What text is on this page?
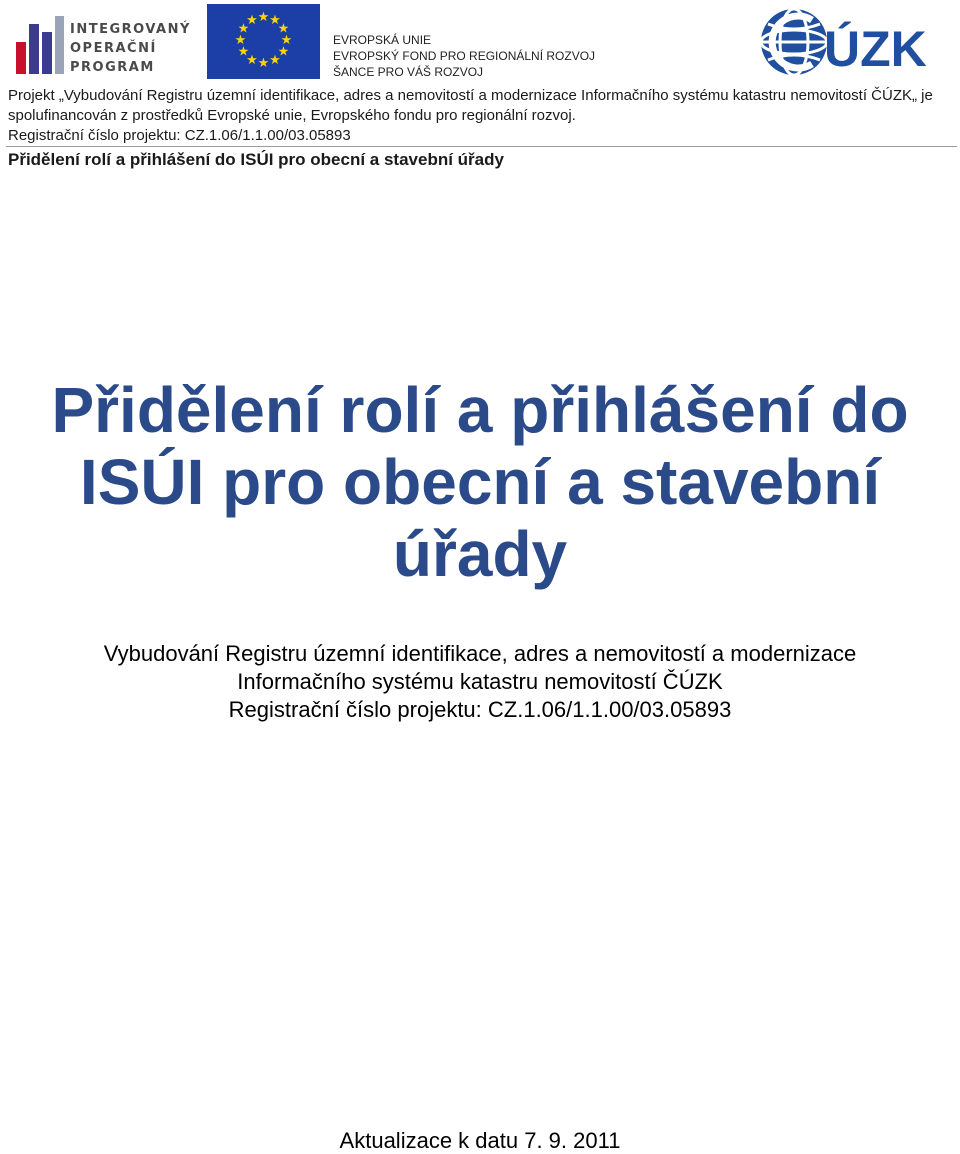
INTEGROVANÝ
OPERAČNÍ
PROGRAM
★ ★
★
★
★
★
★
★
★
★
★
★
EVROPSKÁ UNIE
EVROPSKÝ FOND PRO REGIONÁLNÍ ROZVOJ
ŠANCE PRO VÁŠ ROZVOJ	ÚZK
Projekt „Vybudování Registru územní identifikace, adres a nemovitostí a modernizace Informačního systému katastru nemovitostí ČÚZK„ je spolufinancován z prostředků Evropské unie, Evropského fondu pro regionální rozvoj.
Registrační číslo projektu: CZ.1.06/1.1.00/03.05893
Přidělení rolí a přihlášení do ISÚI pro obecní a stavební úřady
Přidělení rolí a přihlášení do
ISÚI pro obecní a stavební
úřady
Vybudování Registru územní identifikace, adres a nemovitostí a modernizace
Informačního systému katastru nemovitostí ČÚZK
Registrační číslo projektu: CZ.1.06/1.1.00/03.05893
Aktualizace k datu 7. 9. 2011
